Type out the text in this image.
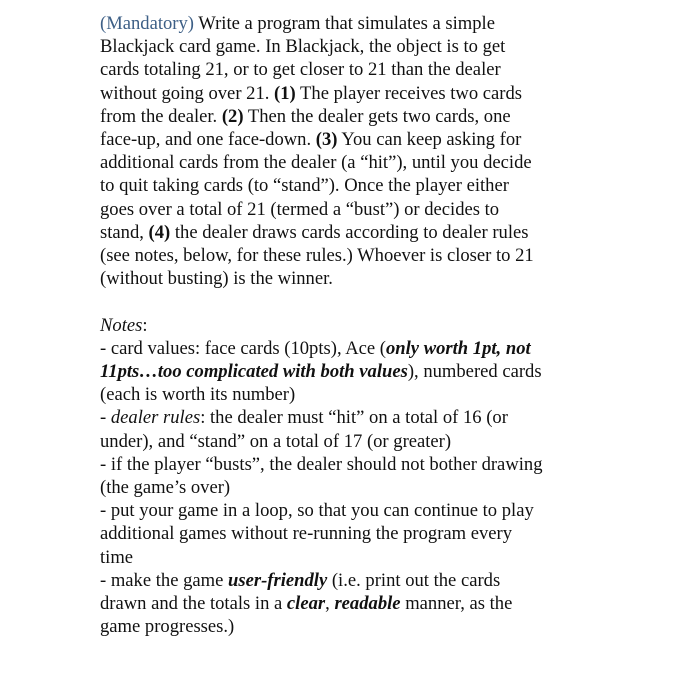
(Mandatory) Write a program that simulates a simple
Blackjack card game. In Blackjack, the object is to get
cards totaling 21, or to get closer to 21 than the dealer
without going over 21. (1) The player receives two cards
from the dealer. (2) Then the dealer gets two cards, one
face-up, and one face-down. (3) You can keep asking for
additional cards from the dealer (a “hit”), until you decide
to quit taking cards (to “stand”). Once the player either
goes over a total of 21 (termed a “bust”) or decides to
stand, (4) the dealer draws cards according to dealer rules
(see notes, below, for these rules.) Whoever is closer to 21
(without busting) is the winner.

Notes:
- card values: face cards (10pts), Ace (only worth 1pt, not
11pts…too complicated with both values), numbered cards
(each is worth its number)
- dealer rules: the dealer must “hit” on a total of 16 (or
under), and “stand” on a total of 17 (or greater)
- if the player “busts”, the dealer should not bother drawing
(the game’s over)
- put your game in a loop, so that you can continue to play
additional games without re-running the program every
time
- make the game user-friendly (i.e. print out the cards
drawn and the totals in a clear, readable manner, as the
game progresses.)
